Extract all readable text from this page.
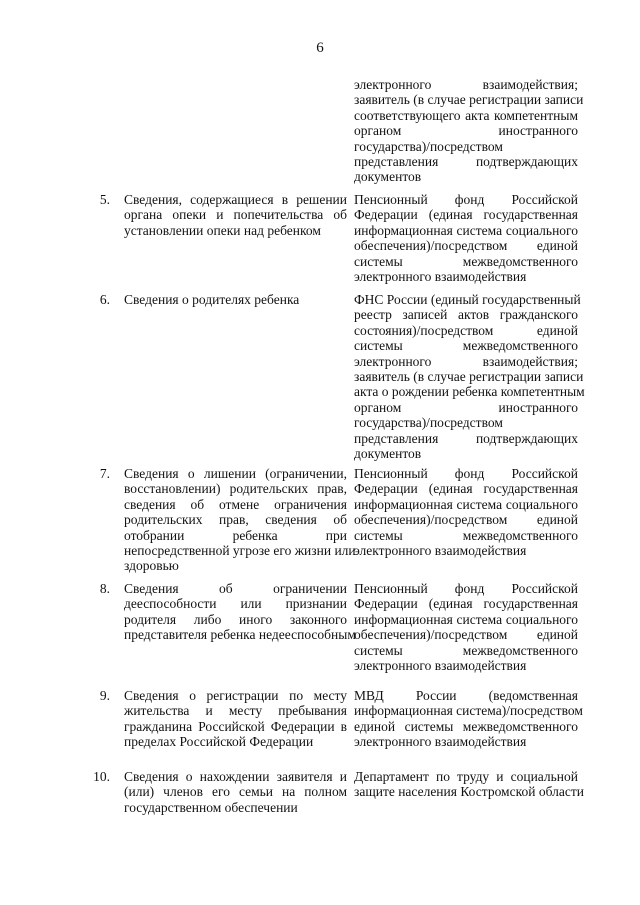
6
электронного взаимодействия;
заявитель (в случае регистрации записи
соответствующего акта компетентным
органом иностранного
государства)/посредством
представления подтверждающих
документов
5. Сведения, содержащиеся в решении
органа опеки и попечительства об
установлении опеки над ребенком
Пенсионный фонд Российской
Федерации (единая государственная
информационная система социального
обеспечения)/посредством единой
системы межведомственного
электронного взаимодействия
6. Сведения о родителях ребенка	ФНС России (единый государственный
реестр записей актов гражданского
состояния)/посредством единой
системы межведомственного
электронного взаимодействия;
заявитель (в случае регистрации записи
акта о рождении ребенка компетентным
органом иностранного
государства)/посредством
представления подтверждающих
документов
7. Сведения о лишении (ограничении,
восстановлении) родительских прав,
сведения об отмене ограничения
родительских прав, сведения об
отобрании ребенка при
непосредственной угрозе его жизни или
здоровью
Пенсионный фонд Российской
Федерации (единая государственная
информационная система социального
обеспечения)/посредством единой
системы межведомственного
электронного взаимодействия
8. Сведения об ограничении
дееспособности или признании
родителя либо иного законного
представителя ребенка недееспособным
Пенсионный фонд Российской
Федерации (единая государственная
информационная система социального
обеспечения)/посредством единой
системы межведомственного
электронного взаимодействия
9. Сведения о регистрации по месту
жительства и месту пребывания
гражданина Российской Федерации в
пределах Российской Федерации
МВД России (ведомственная
информационная система)/посредством
единой системы межведомственного
электронного взаимодействия
10. Сведения о нахождении заявителя и
(или) членов его семьи на полном
государственном обеспечении
Департамент по труду и социальной
защите населения Костромской области
